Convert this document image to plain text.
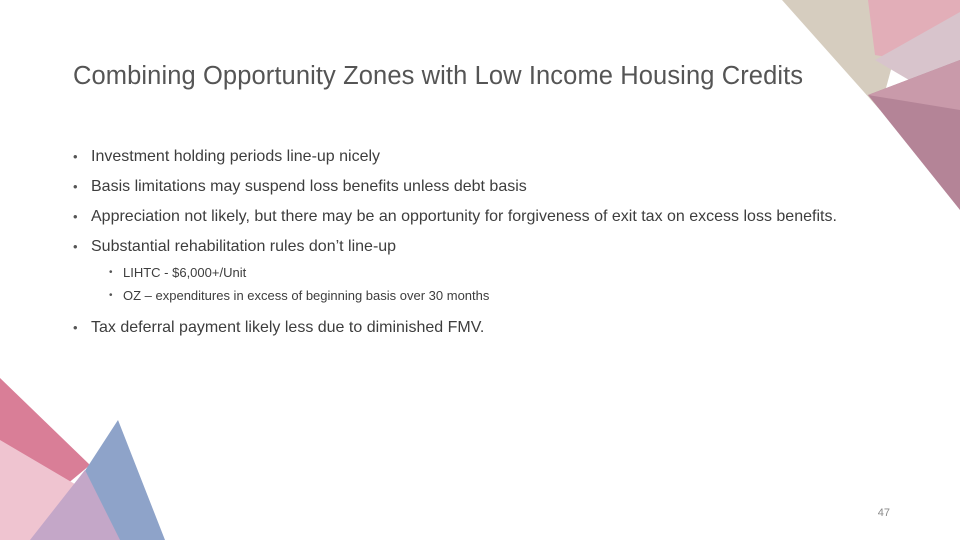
Combining Opportunity Zones with Low Income Housing Credits
• Investment holding periods line-up nicely
• Basis limitations may suspend loss benefits unless debt basis
• Appreciation not likely, but there may be an opportunity for forgiveness of exit tax on excess loss benefits.
• Substantial rehabilitation rules don’t line-up
• LIHTC - $6,000+/Unit
• OZ – expenditures in excess of beginning basis over 30 months
• Tax deferral payment likely less due to diminished FMV.
47
